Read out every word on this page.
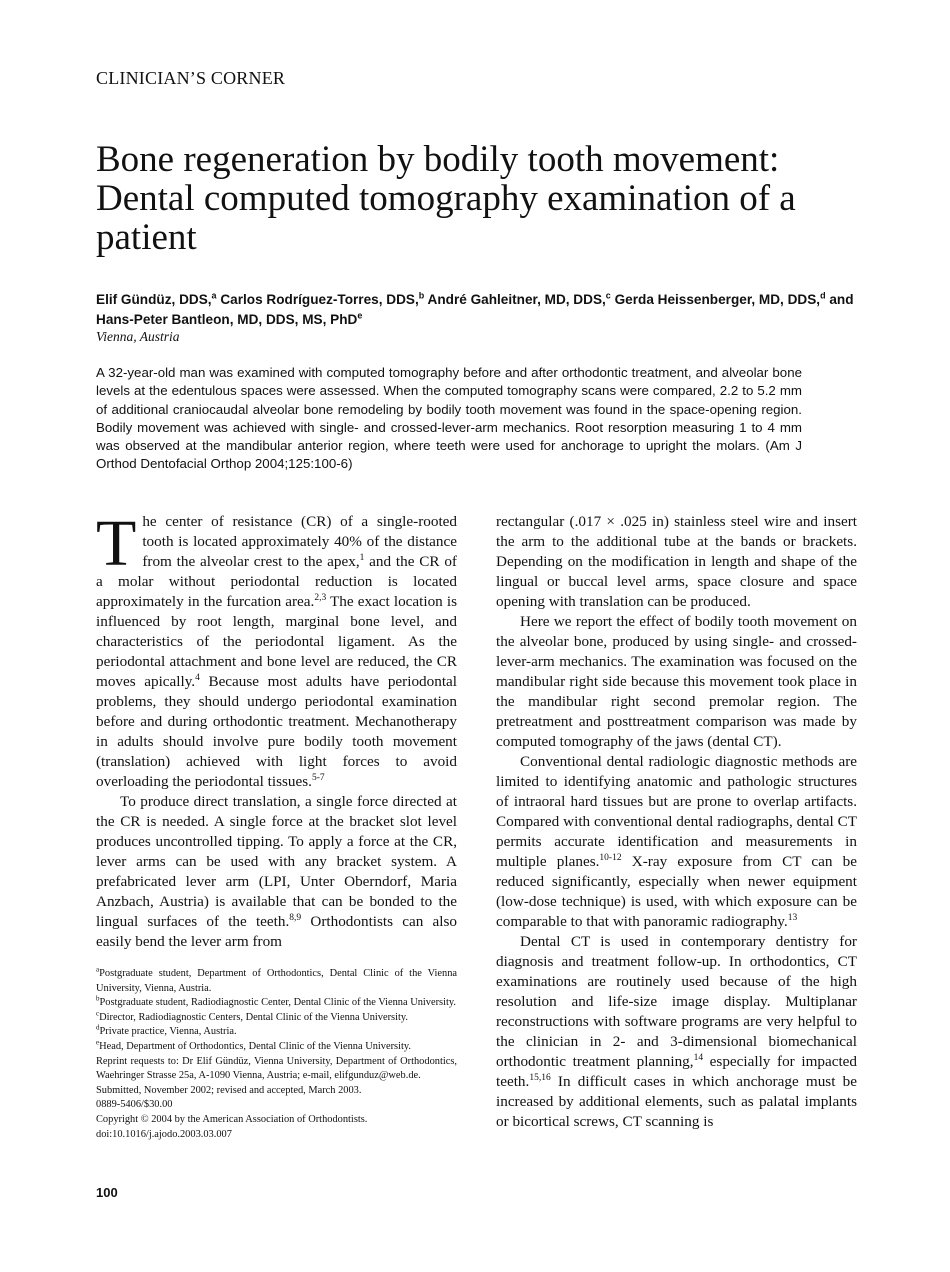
CLINICIAN’S CORNER
Bone regeneration by bodily tooth movement: Dental computed tomography examination of a patient
Elif Gündüz, DDS,$^a$ Carlos Rodríguez-Torres, DDS,$^b$ André Gahleitner, MD, DDS,$^c$ Gerda Heissenberger, MD, DDS,$^d$ and Hans-Peter Bantleon, MD, DDS, MS, PhD$^e$
Vienna, Austria

A 32-year-old man was examined with computed tomography before and after orthodontic treatment, and alveolar bone levels at the edentulous spaces were assessed. When the computed tomography scans were compared, 2.2 to 5.2 mm of additional craniocaudal alveolar bone remodeling by bodily tooth movement was found in the space-opening region. Bodily movement was achieved with single- and crossed-lever-arm mechanics. Root resorption measuring 1 to 4 mm was observed at the mandibular anterior region, where teeth were used for anchorage to upright the molars. (Am J Orthod Dentofacial Orthop 2004;125:100-6)

The center of resistance (CR) of a single-rooted tooth is located approximately 40% of the distance from the alveolar crest to the apex,$^1$ and the CR of a molar without periodontal reduction is located approximately in the furcation area.$^{2,3}$ The exact location is influenced by root length, marginal bone level, and characteristics of the periodontal ligament. As the periodontal attachment and bone level are reduced, the CR moves apically.$^4$ Because most adults have periodontal problems, they should undergo periodontal examination before and during orthodontic treatment. Mechanotherapy in adults should involve pure bodily tooth movement (translation) achieved with light forces to avoid overloading the periodontal tissues.$^{5-7}$

To produce direct translation, a single force directed at the CR is needed. A single force at the bracket slot level produces uncontrolled tipping. To apply a force at the CR, lever arms can be used with any bracket system. A prefabricated lever arm (LPI, Unter Oberndorf, Maria Anzbach, Austria) is available that can be bonded to the lingual surfaces of the teeth.$^{8,9}$ Orthodontists can also easily bend the lever arm from

rectangular (.017 × .025 in) stainless steel wire and insert the arm to the additional tube at the bands or brackets. Depending on the modification in length and shape of the lingual or buccal level arms, space closure and space opening with translation can be produced.

Here we report the effect of bodily tooth movement on the alveolar bone, produced by using single- and crossed-lever-arm mechanics. The examination was focused on the mandibular right side because this movement took place in the mandibular right second premolar region. The pretreatment and posttreatment comparison was made by computed tomography of the jaws (dental CT).

Conventional dental radiologic diagnostic methods are limited to identifying anatomic and pathologic structures of intraoral hard tissues but are prone to overlap artifacts. Compared with conventional dental radiographs, dental CT permits accurate identification and measurements in multiple planes.$^{10-12}$ X-ray exposure from CT can be reduced significantly, especially when newer equipment (low-dose technique) is used, with which exposure can be comparable to that with panoramic radiography.$^{13}$

Dental CT is used in contemporary dentistry for diagnosis and treatment follow-up. In orthodontics, CT examinations are routinely used because of the high resolution and life-size image display. Multiplanar reconstructions with software programs are very helpful to the clinician in 2- and 3-dimensional biomechanical orthodontic treatment planning,$^{14}$ especially for impacted teeth.$^{15,16}$ In difficult cases in which anchorage must be increased by additional elements, such as palatal implants or bicortical screws, CT scanning is

$^a$Postgraduate student, Department of Orthodontics, Dental Clinic of the Vienna University, Vienna, Austria.
$^b$Postgraduate student, Radiodiagnostic Center, Dental Clinic of the Vienna University.
$^c$Director, Radiodiagnostic Centers, Dental Clinic of the Vienna University.
$^d$Private practice, Vienna, Austria.
$^e$Head, Department of Orthodontics, Dental Clinic of the Vienna University.
Reprint requests to: Dr Elif Gündüz, Vienna University, Department of Orthodontics, Waehringer Strasse 25a, A-1090 Vienna, Austria; e-mail, elifgunduz@web.de.
Submitted, November 2002; revised and accepted, March 2003.
0889-5406/$30.00
Copyright © 2004 by the American Association of Orthodontists.
doi:10.1016/j.ajodo.2003.03.007
100
